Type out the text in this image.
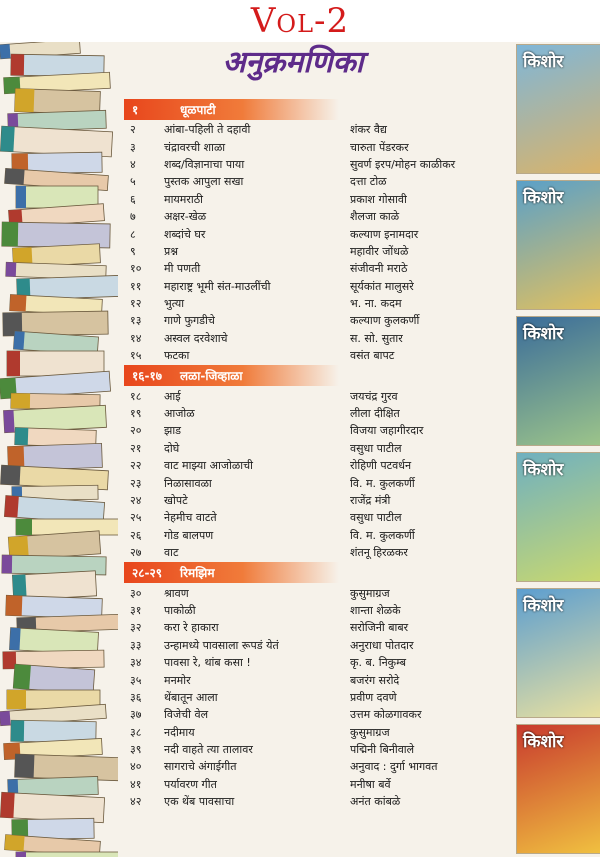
Vol-2
अनुक्रमणिका
१	धूळपाटी
२	आंबा-पहिली ते दहावी	शंकर वैद्य
३	चंद्रावरची शाळा	चारुता पेंडरकर
४	शब्द/विज्ञानाचा पाया	सुवर्ण इरप/मोहन काळीकर
५	पुस्तक आपुला सखा	दत्ता टोळ
६	मायमराठी	प्रकाश गोसावी
७	अक्षर-खेळ	शैलजा काळे
८	शब्दांचे घर	कल्याण इनामदार
९	प्रश्न	महावीर जोंधळे
१०	मी पणती	संजीवनी मराठे
११	महाराष्ट्र भूमी संत-माउलींची	सूर्यकांत मालुसरे
१२	भुत्या	भ. ना. कदम
१३	गाणे फुगडीचे	कल्याण कुलकर्णी
१४	अस्वल दरवेशाचे	स. सो. सुतार
१५	फटका	वसंत बापट
१६-१७	लळा-जिव्हाळा
१८	आई	जयचंद्र गुरव
१९	आजोळ	लीला दीक्षित
२०	झाड	विजया जहागीरदार
२१	दोघे	वसुधा पाटील
२२	वाट माझ्या आजोळाची	रोहिणी पटवर्धन
२३	निळासावळा	वि. म. कुलकर्णी
२४	खोपटे	राजेंद्र मंत्री
२५	नेहमीच वाटते	वसुधा पाटील
२६	गोड बालपण	वि. म. कुलकर्णी
२७	वाट	शंतनू हिरळकर
२८-२९	रिमझिम
३०	श्रावण	कुसुमाग्रज
३१	पाकोळी	शान्ता शेळके
३२	करा रे हाकारा	सरोजिनी बाबर
३३	उन्हामध्ये पावसाला रूपडं येतं	अनुराधा पोतदार
३४	पावसा रे, थांब कसा !	कृ. ब. निकुम्ब
३५	मनमोर	बजरंग सरोदे
३६	थेंबातून आला	प्रवीण दवणे
३७	विजेची वेल	उत्तम कोळगावकर
३८	नदीमाय	कुसुमाग्रज
३९	नदी वाहते त्या तालावर	पद्मिनी बिनीवाले
४०	सागराचे अंगाईगीत	अनुवाद : दुर्गा भागवत
४१	पर्यावरण गीत	मनीषा बर्वे
४२	एक थेंब पावसाचा	अनंत कांबळे
किशोर
किशोर
किशोर
किशोर
किशोर
किशोर
